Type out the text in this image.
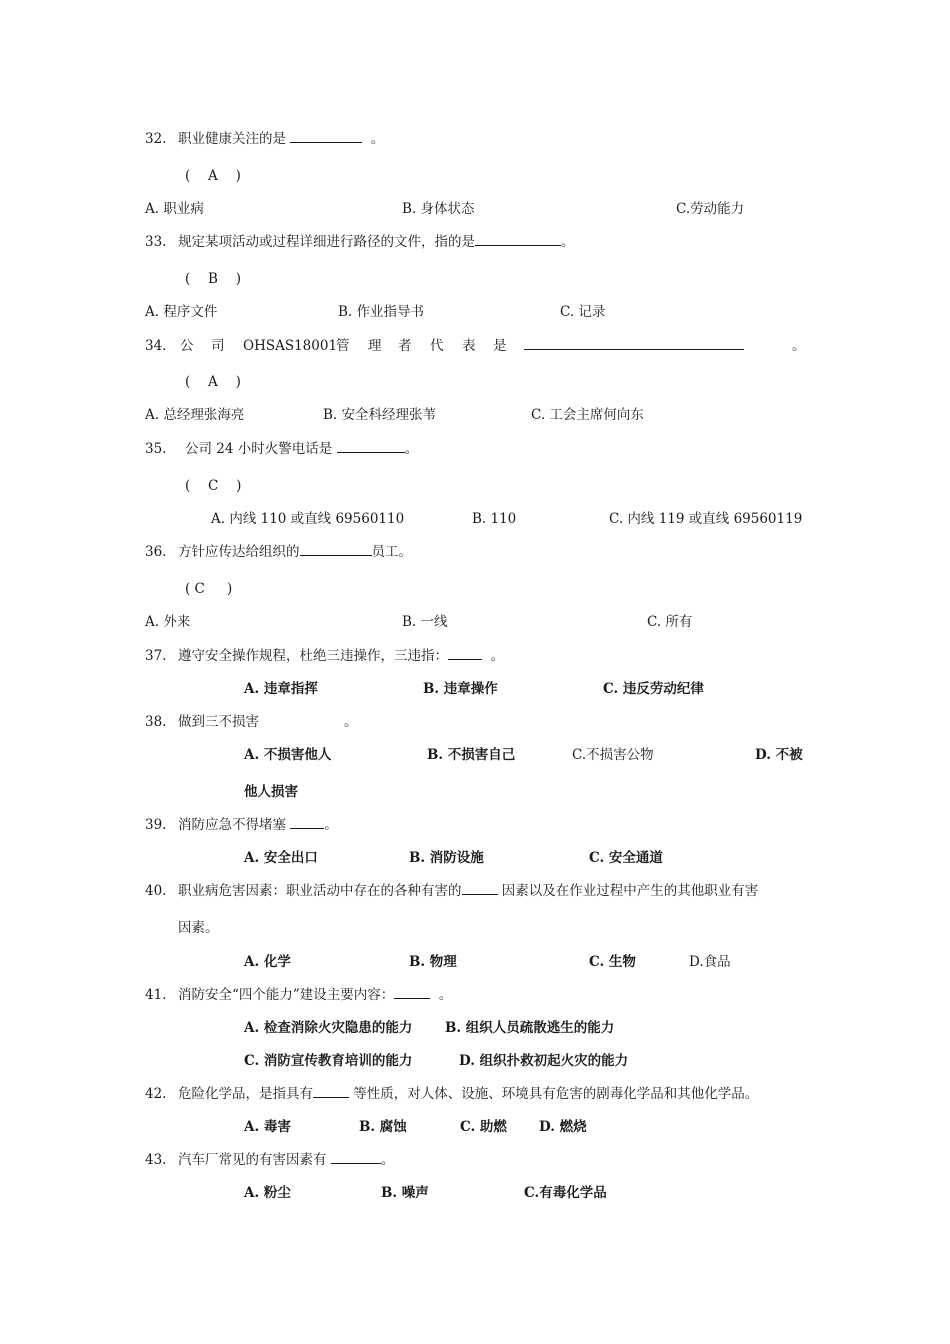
32. 职业健康关注的是	。
(　 A 　)
A. 职业病	B. 身体状态	C.劳动能力
33. 规定某项活动或过程详细进行路径的文件，指的是	。
(　 B 　)
A. 程序文件	B. 作业指导书	C. 记录
34. 公 司 OHSAS18001
管 理 者 代 表 是	。
(　 A 　)
A. 总经理张海亮	B. 安全科经理张苇	C. 工会主席何向东
35. 公司 24 小时火警电话是	。
(　 C 　)
A. 内线 110 或直线 69560110	B. 110	C. 内线 119 或直线 69560119
36. 方针应传达给组织的	员工。
( C 　 )
A. 外来	B. 一线	C. 所有
37. 遵守安全操作规程，杜绝三违操作，三违指：	。
A. 违章指挥	B. 违章操作	C. 违反劳动纪律
38. 做到三不损害	。
A. 不损害他人	B. 不损害自己	C.不损害公物	D. 不被
他人损害
39. 消防应急不得堵塞	。
A. 安全出口	B. 消防设施	C. 安全通道
40. 职业病危害因素：职业活动中存在的各种有害的	因素以及在作业过程中产生的其他职业有害
因素。
A. 化学	B. 物理	C. 生物	D.食品
41. 消防安全“四个能力”建设主要内容：	。
A. 检查消除火灾隐患的能力 B. 组织人员疏散逃生的能力
C. 消防宣传教育培训的能力	D. 组织扑救初起火灾的能力
42. 危险化学品，是指具有	等性质，对人体、设施、环境具有危害的剧毒化学品和其他化学品。
A. 毒害	B. 腐蚀	C. 助燃 D. 燃烧
43. 汽车厂常见的有害因素有	。
A. 粉尘	B. 噪声	C.有毒化学品
